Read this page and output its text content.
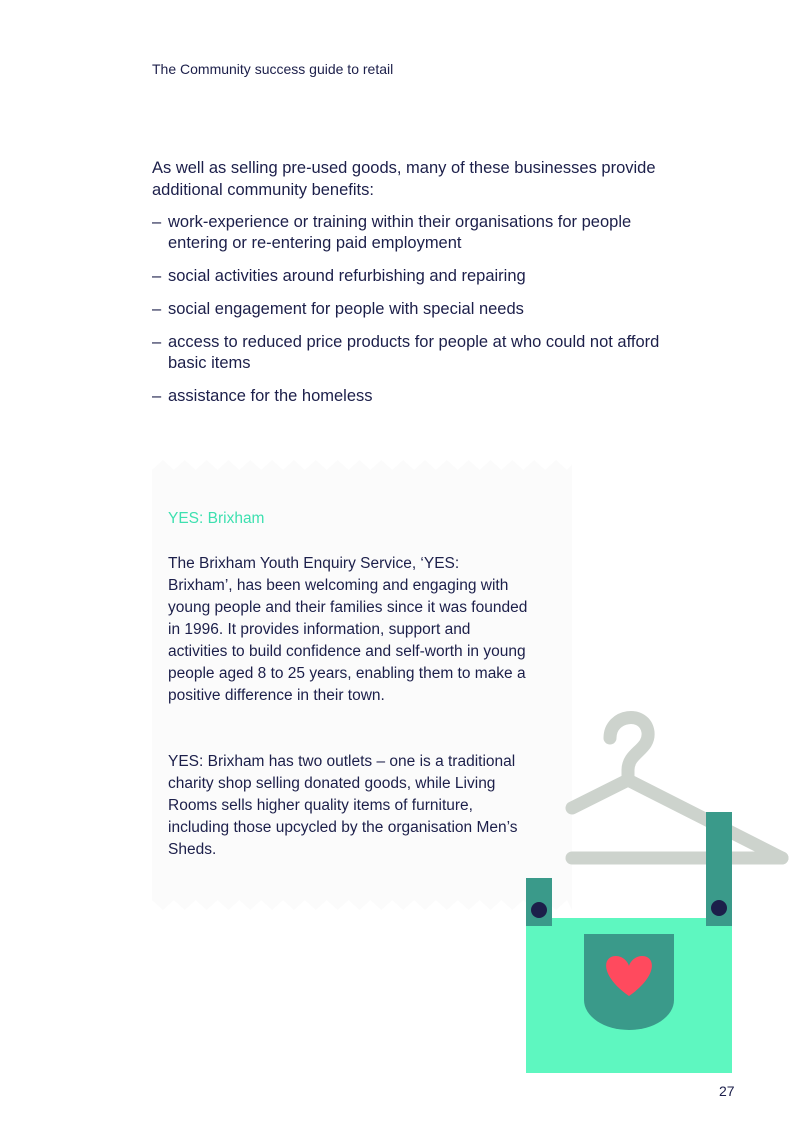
The Community success guide to retail

As well as selling pre-used goods, many of these businesses provide additional community benefits:

– work-experience or training within their organisations for people entering or re-entering paid employment
– social activities around refurbishing and repairing
– social engagement for people with special needs
– access to reduced price products for people at who could not afford basic items
– assistance for the homeless
YES: Brixham

The Brixham Youth Enquiry Service, ‘YES: Brixham’, has been welcoming and engaging with young people and their families since it was founded in 1996. It provides information, support and activities to build confidence and self-worth in young people aged 8 to 25 years, enabling them to make a positive difference in their town.

YES: Brixham has two outlets – one is a traditional charity shop selling donated goods, while Living Rooms sells higher quality items of furniture, including those upcycled by the organisation Men’s Sheds.

27
